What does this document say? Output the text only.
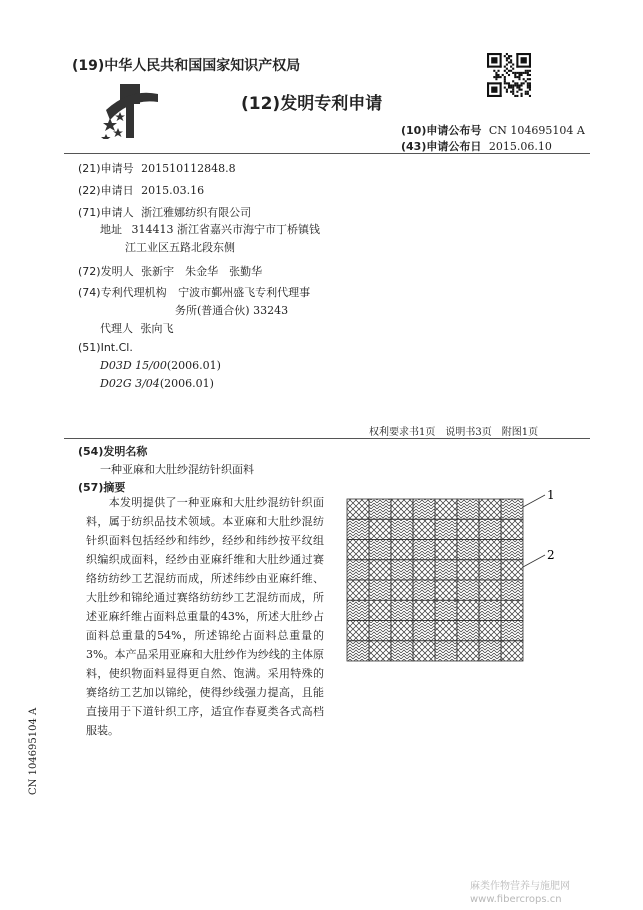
(19)中华人民共和国国家知识产权局
(12)发明专利申请
(10)申请公布号 CN 104695104 A
(43)申请公布日 2015.06.10
(21)申请号 201510112848.8
(22)申请日 2015.03.16
(71)申请人 浙江雅娜纺织有限公司
地址 314413 浙江省嘉兴市海宁市丁桥镇钱
江工业区五路北段东侧
(72)发明人 张新宇　朱金华　张勤华
(74)专利代理机构 宁波市鄞州盛飞专利代理事
务所(普通合伙) 33243
代理人 张向飞
(51)Int.Cl.
D03D 15/00(2006.01)
D02G 3/04(2006.01)
权利要求书1页　说明书3页　附图1页
(54)发明名称
一种亚麻和大肚纱混纺针织面料
(57)摘要
　　本发明提供了一种亚麻和大肚纱混纺针织面料，属于纺织品技术领域。本亚麻和大肚纱混纺针织面料包括经纱和纬纱，经纱和纬纱按平纹组织编织成面料，经纱由亚麻纤维和大肚纱通过赛络纺纺纱工艺混纺而成，所述纬纱由亚麻纤维、大肚纱和锦纶通过赛络纺纺纱工艺混纺而成，所述亚麻纤维占面料总重量的43%，所述大肚纱占面料总重量的54%，所述锦纶占面料总重量的3%。本产品采用亚麻和大肚纱作为纱线的主体原料，使织物面料显得更自然、饱满。采用特殊的赛络纺工艺加以锦纶，使得纱线强力提高，且能直接用于下道针织工序，适宜作春夏类各式高档服装。
1
2
CN 104695104 A
麻类作物营养与施肥网 www.fibercrops.cn
